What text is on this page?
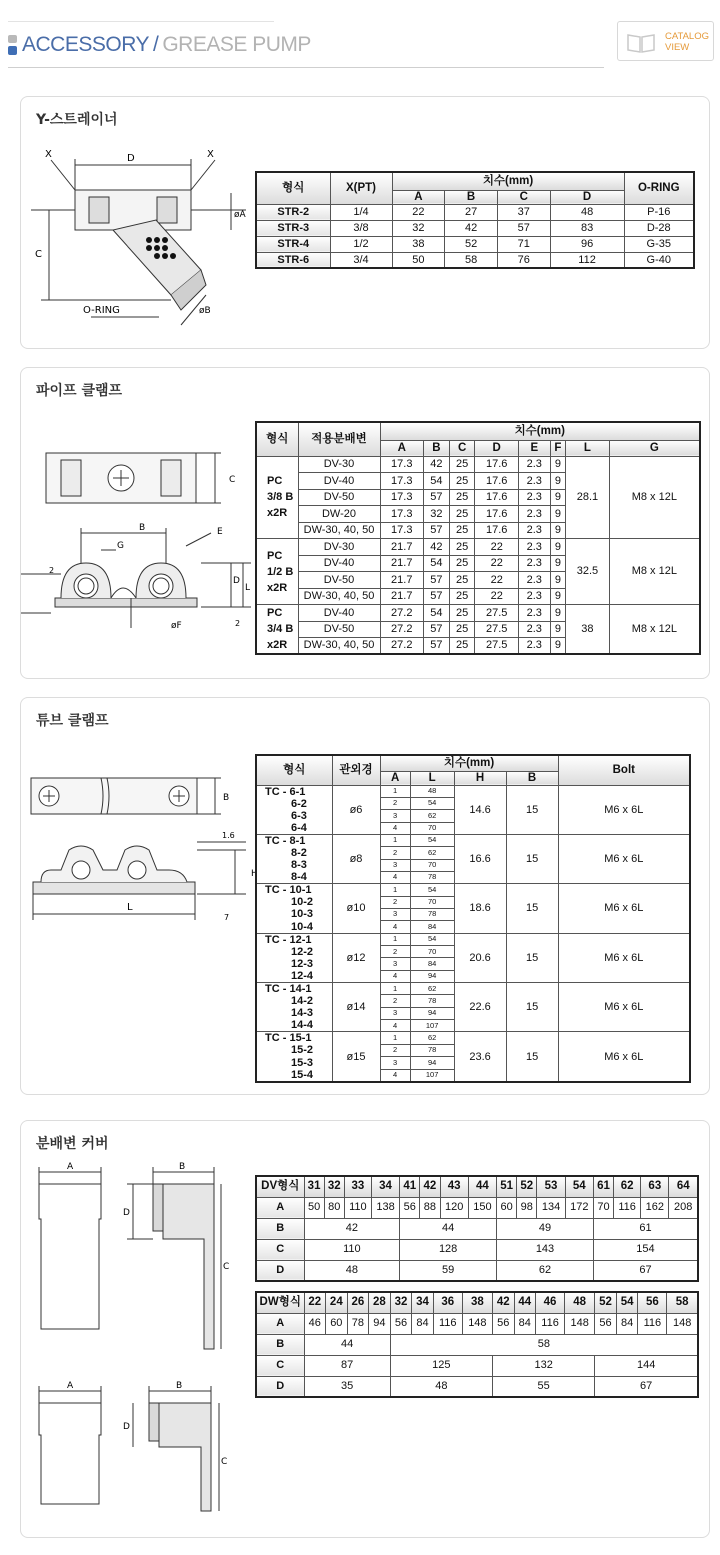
ACCESSORY / GREASE PUMP	CATALOG
VIEW
Y-스트레이너
X	D	X
øA
C
O-RING	øB
형식	X(PT)	치수(mm)				O-RING
		A	B	C	D	
STR-2	1/4	22	27	37	48	P-16
STR-3	3/8	32	42	57	83	D-28
STR-4	1/2	38	52	71	96	G-35
STR-6	3/4	50	58	76	112	G-40
파이프 클램프
C
B
G
E
D
L
2
2
øF
형식	적용분배변	치수(mm)							
		A	B	C	D	E	F	L	G

PC
3/8 B
x2R	DV-30	17.3	42	25	17.6	2.3	9	28.1	M8 x 12L
	DV-40	17.3	54	25	17.6	2.3	9		
	DV-50	17.3	57	25	17.6	2.3	9		
	DW-20	17.3	32	25	17.6	2.3	9		
	DW-30, 40, 50	17.3	57	25	17.6	2.3	9		

PC
1/2 B
x2R	DV-30	21.7	42	25	22	2.3	9	32.5	M8 x 12L
	DV-40	21.7	54	25	22	2.3	9		
	DV-50	21.7	57	25	22	2.3	9		
	DW-30, 40, 50	21.7	57	25	22	2.3	9		

PC
3/4 B
x2R	DV-40	27.2	54	25	27.5	2.3	9	38	M8 x 12L
	DV-50	27.2	57	25	27.5	2.3	9		
	DW-30, 40, 50	27.2	57	25	27.5	2.3	9		
튜브 클램프
B
1.6
H
L
7
형식	관외경	치수(mm)				Bolt
		A	L	H	B	

TC - 6-1
6-2
6-3
6-4	ø6	1	48	14.6	15	M6 x 6L
		2	54			
		3	62			
		4	70			

TC - 8-1
8-2
8-3
8-4	ø8	1	54	16.6	15	M6 x 6L
		2	62			
		3	70			
		4	78			

TC - 10-1
10-2
10-3
10-4	ø10	1	54	18.6	15	M6 x 6L
		2	70			
		3	78			
		4	84			

TC - 12-1
12-2
12-3
12-4	ø12	1	54	20.6	15	M6 x 6L
		2	70			
		3	84			
		4	94			

TC - 14-1
14-2
14-3
14-4	ø14	1	62	22.6	15	M6 x 6L
		2	78			
		3	94			
		4	107			

TC - 15-1
15-2
15-3
15-4	ø15	1	62	23.6	15	M6 x 6L
		2	78			
		3	94			
		4	107			
분배변 커버
A	B
D
C
A	B
D
C
DV형식	31	32	33	34	41	42	43	44	51	52	53	54	61	62	63	64
A	50	80	110	138	56	88	120	150	60	98	134	172	70	116	162	208
B	42				44				49				61			
C	110				128				143				154			
D	48				59				62				67			
DW형식	22	24	26	28	32	34	36	38	42	44	46	48	52	54	56	58
A	46	60	78	94	56	84	116	148	56	84	116	148	56	84	116	148
B	44				58											
C	87				125				132				144			
D	35				48				55				67			
